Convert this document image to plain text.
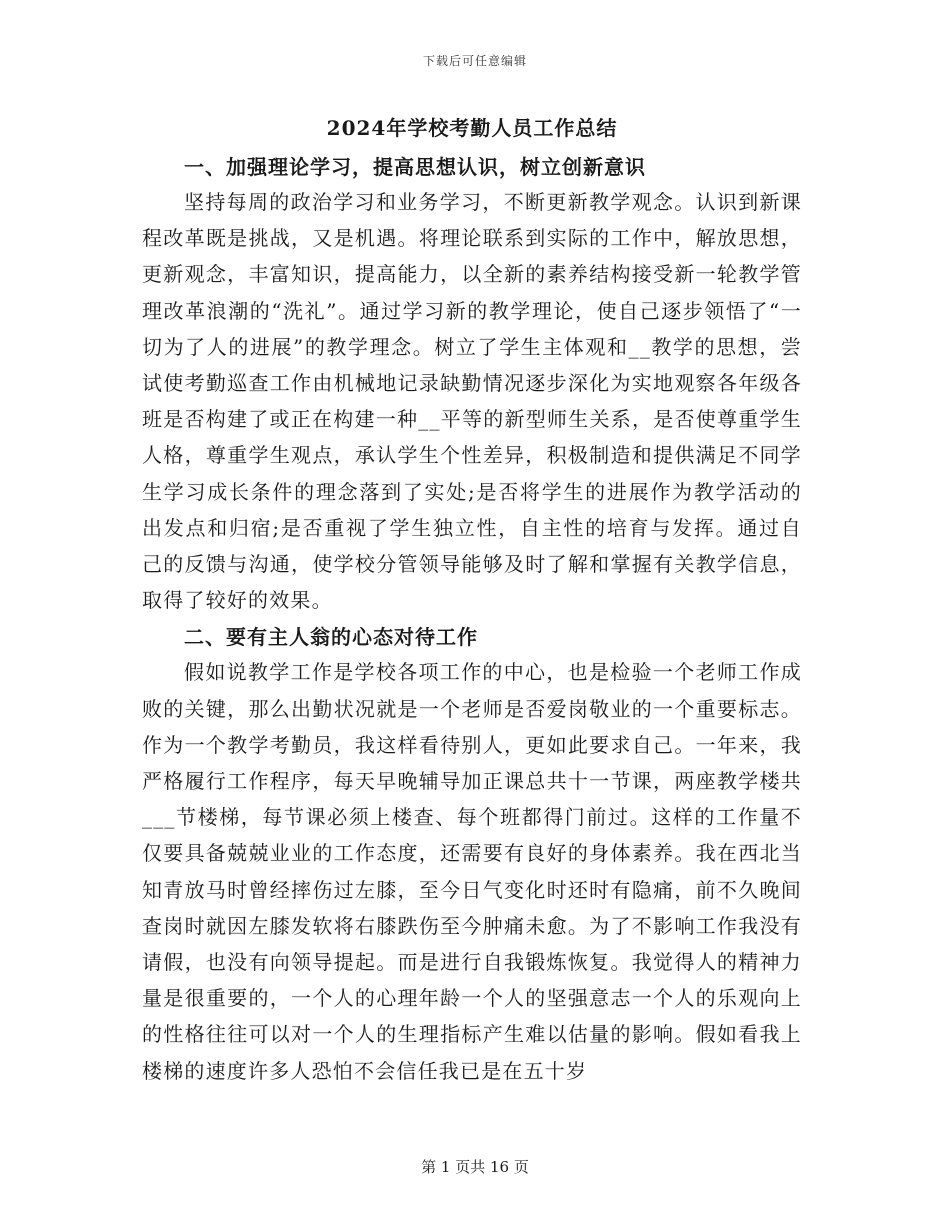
下载后可任意编辑
2024年学校考勤人员工作总结

一、加强理论学习，提高思想认识，树立创新意识

坚持每周的政治学习和业务学习，不断更新教学观念。认识到新课程改革既是挑战，又是机遇。将理论联系到实际的工作中，解放思想，更新观念，丰富知识，提高能力，以全新的素养结构接受新一轮教学管理改革浪潮的“洗礼”。通过学习新的教学理论，使自己逐步领悟了“一切为了人的进展”的教学理念。树立了学生主体观和__教学的思想，尝试使考勤巡查工作由机械地记录缺勤情况逐步深化为实地观察各年级各班是否构建了或正在构建一种__平等的新型师生关系，是否使尊重学生人格，尊重学生观点，承认学生个性差异，积极制造和提供满足不同学生学习成长条件的理念落到了实处;是否将学生的进展作为教学活动的出发点和归宿;是否重视了学生独立性，自主性的培育与发挥。通过自己的反馈与沟通，使学校分管领导能够及时了解和掌握有关教学信息，取得了较好的效果。

二、要有主人翁的心态对待工作

假如说教学工作是学校各项工作的中心，也是检验一个老师工作成败的关键，那么出勤状况就是一个老师是否爱岗敬业的一个重要标志。作为一个教学考勤员，我这样看待别人，更如此要求自己。一年来，我严格履行工作程序，每天早晚辅导加正课总共十一节课，两座教学楼共___节楼梯，每节课必须上楼查、每个班都得门前过。这样的工作量不仅要具备兢兢业业的工作态度，还需要有良好的身体素养。我在西北当知青放马时曾经摔伤过左膝，至今日气变化时还时有隐痛，前不久晚间查岗时就因左膝发软将右膝跌伤至今肿痛未愈。为了不影响工作我没有请假，也没有向领导提起。而是进行自我锻炼恢复。我觉得人的精神力量是很重要的，一个人的心理年龄一个人的坚强意志一个人的乐观向上的性格往往可以对一个人的生理指标产生难以估量的影响。假如看我上楼梯的速度许多人恐怕不会信任我已是在五十岁

第 1 页共 16 页
